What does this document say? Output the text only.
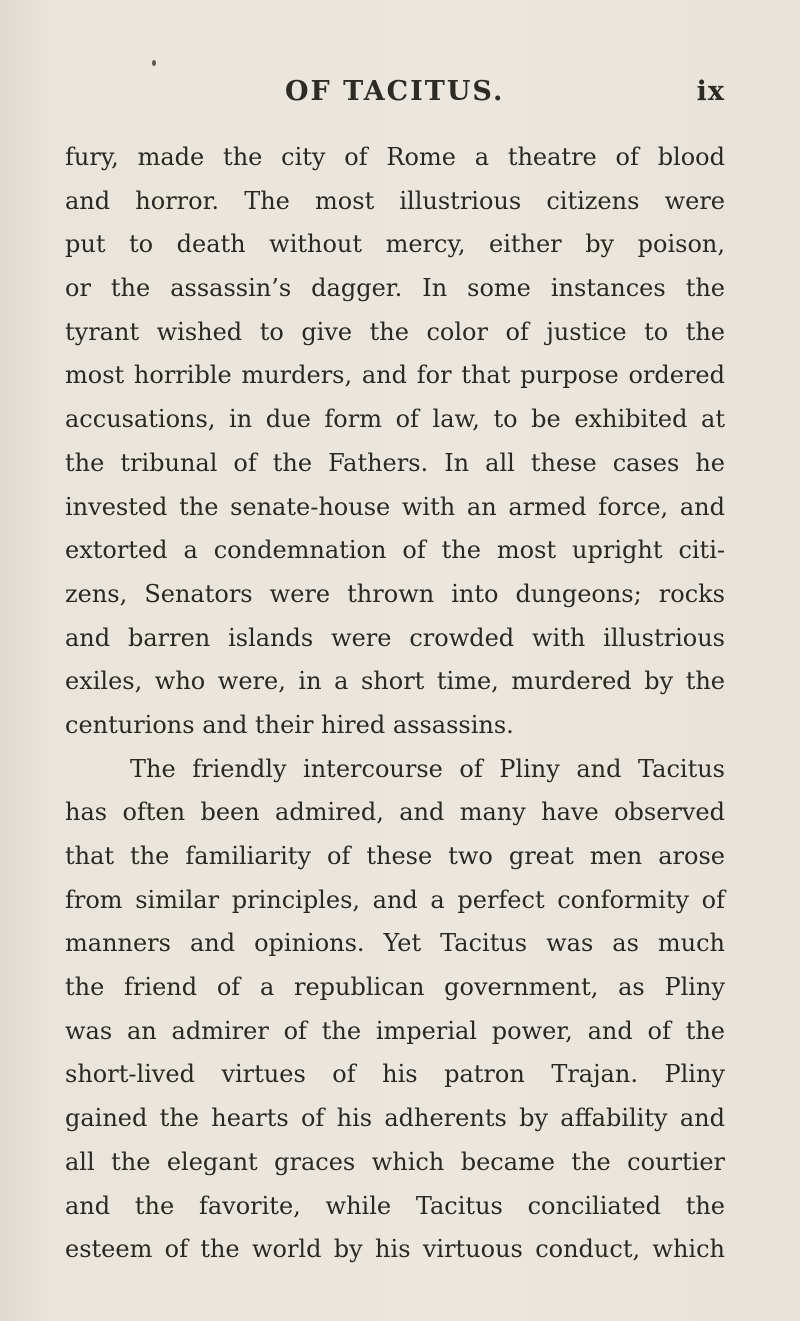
OF TACITUS.	ix
fury, made the city of Rome a theatre of blood
and horror. The most illustrious citizens were
put to death without mercy, either by poison,
or the assassin’s dagger. In some instances the
tyrant wished to give the color of justice to the
most horrible murders, and for that purpose ordered
accusations, in due form of law, to be exhibited at
the tribunal of the Fathers. In all these cases he
invested the senate-house with an armed force, and
extorted a condemnation of the most upright citi-
zens, Senators were thrown into dungeons; rocks
and barren islands were crowded with illustrious
exiles, who were, in a short time, murdered by the
centurions and their hired assassins.
The friendly intercourse of Pliny and Tacitus
has often been admired, and many have observed
that the familiarity of these two great men arose
from similar principles, and a perfect conformity of
manners and opinions. Yet Tacitus was as much
the friend of a republican government, as Pliny
was an admirer of the imperial power, and of the
short-lived virtues of his patron Trajan. Pliny
gained the hearts of his adherents by affability and
all the elegant graces which became the courtier
and the favorite, while Tacitus conciliated the
esteem of the world by his virtuous conduct, which
